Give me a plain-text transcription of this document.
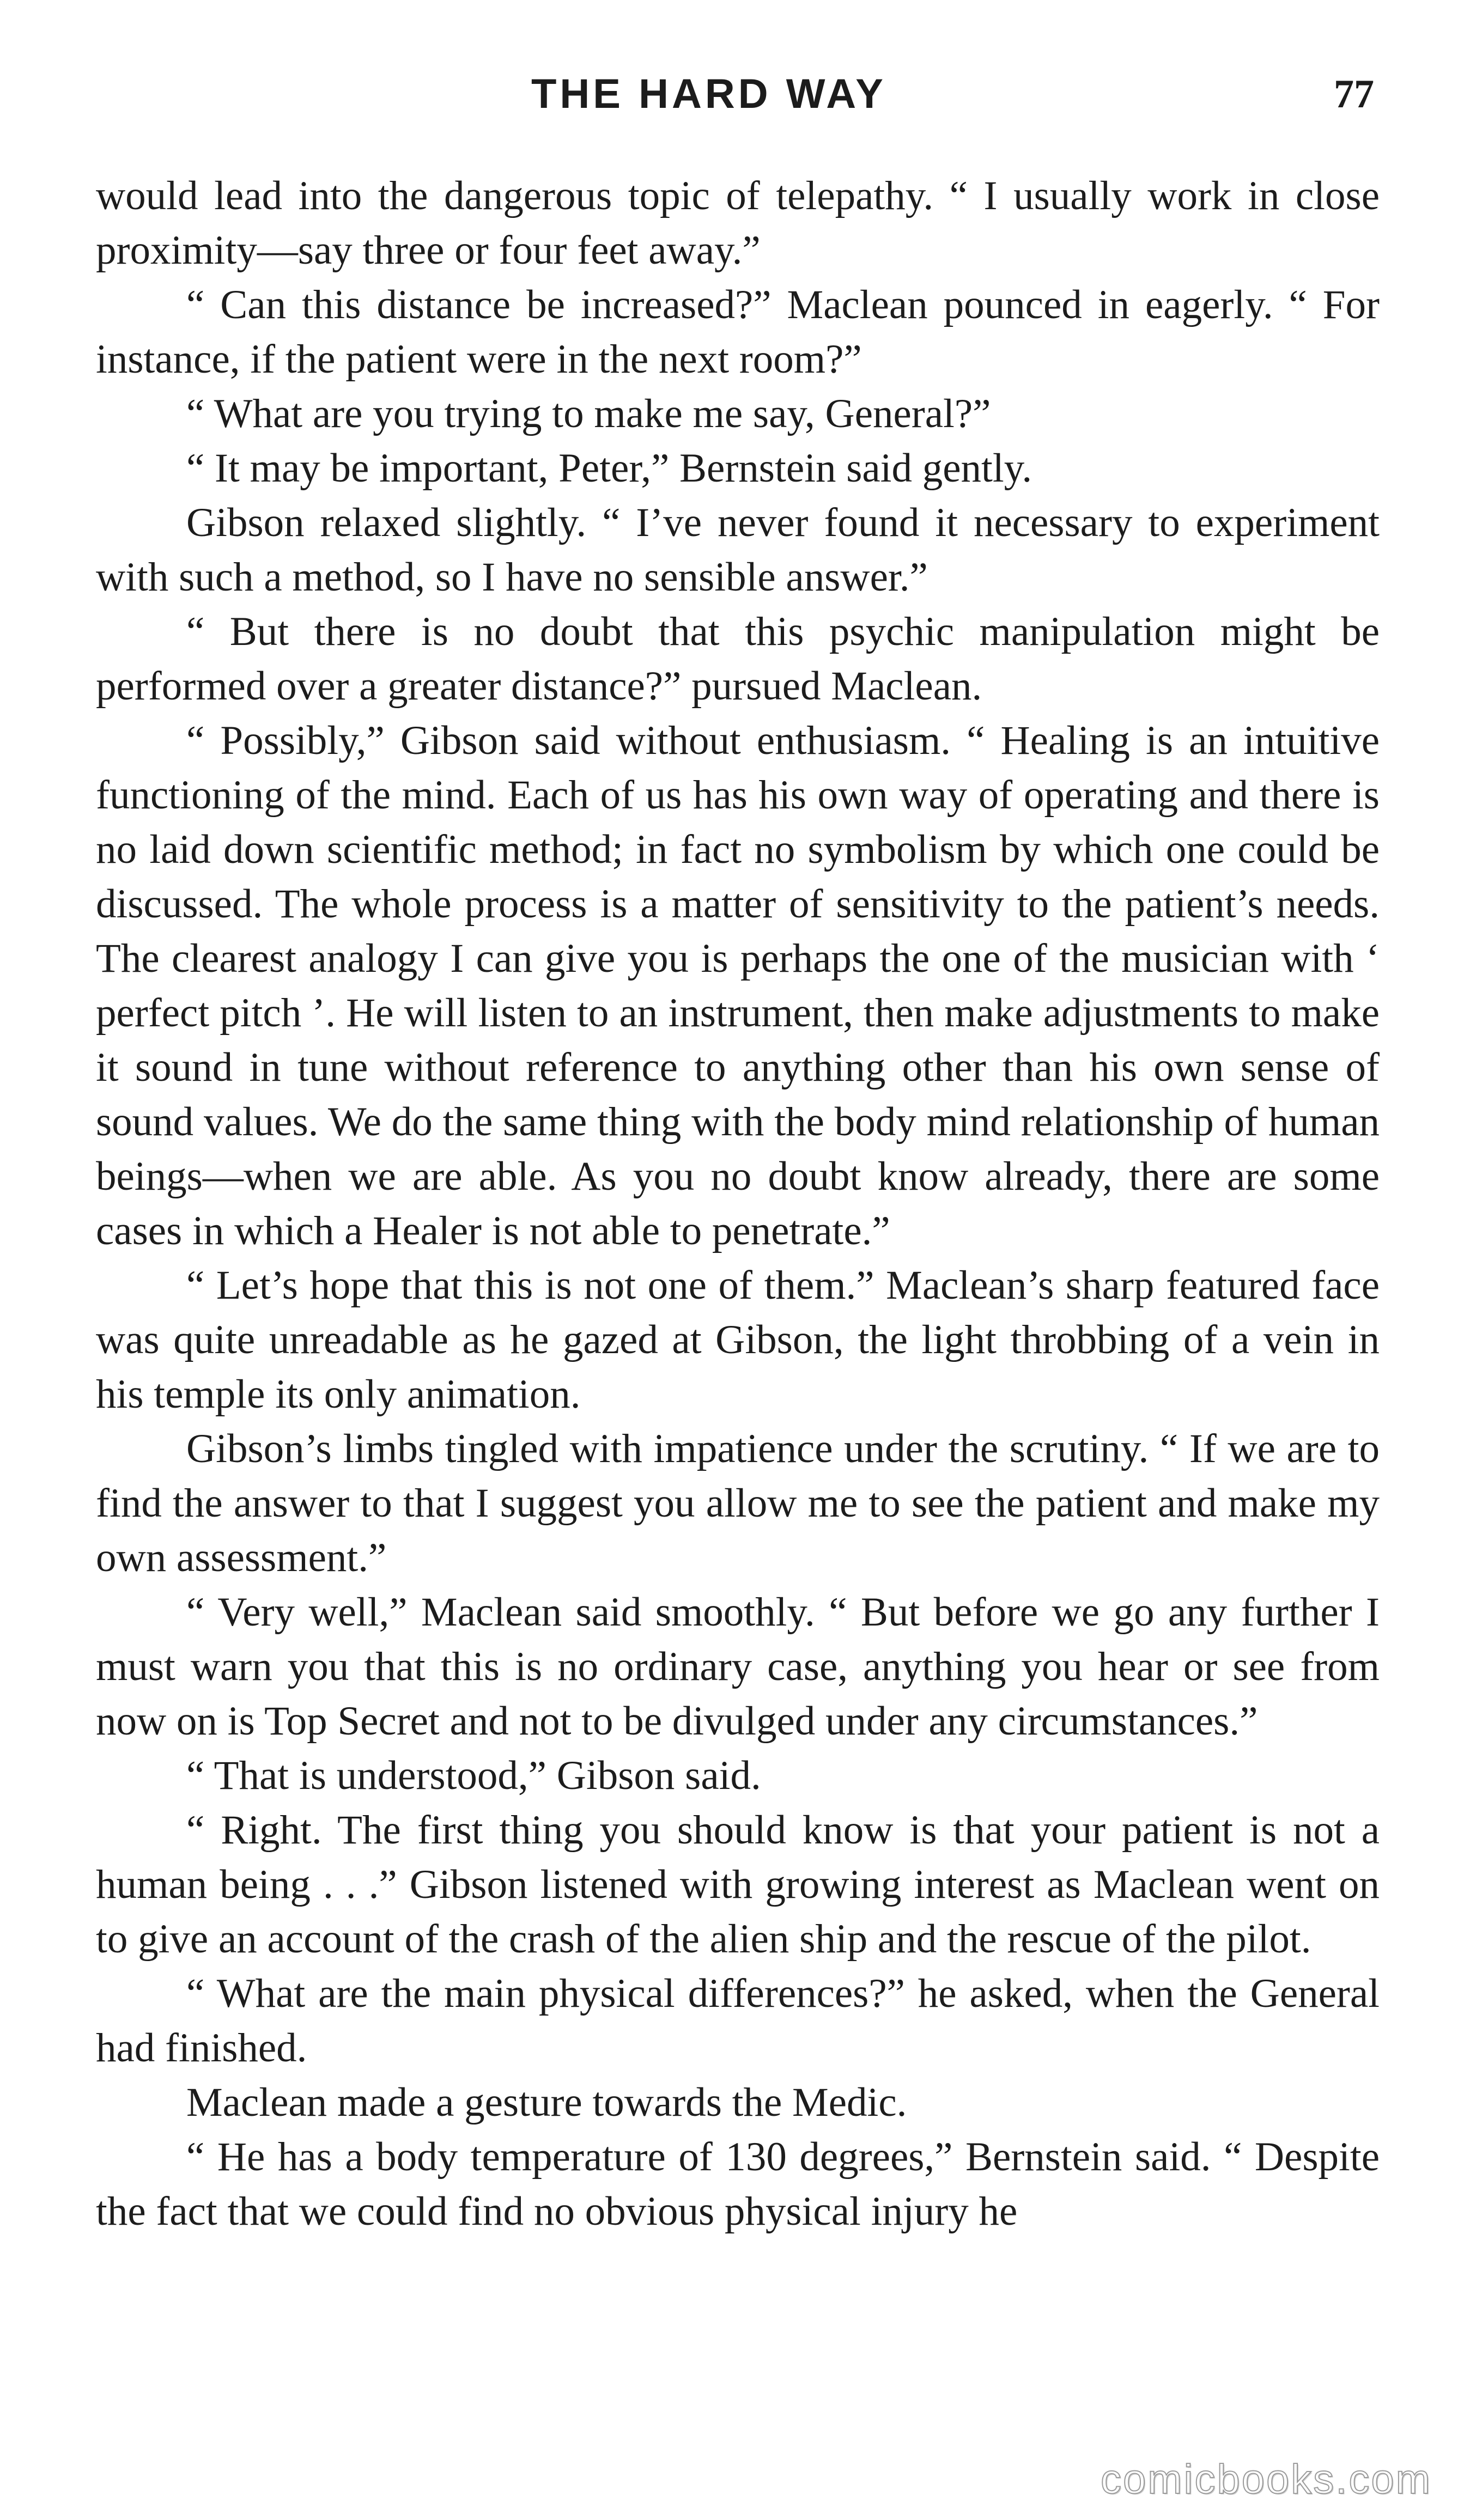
THE HARD WAY	77

would lead into the dangerous topic of telepathy. “ I usually work in close proximity—say three or four feet away.”

“ Can this distance be increased?” Maclean pounced in eagerly. “ For instance, if the patient were in the next room?”

“ What are you trying to make me say, General?”

“ It may be important, Peter,” Bernstein said gently.

Gibson relaxed slightly. “ I’ve never found it necessary to experiment with such a method, so I have no sensible answer.”

“ But there is no doubt that this psychic manipulation might be performed over a greater distance?” pursued Maclean.

“ Possibly,” Gibson said without enthusiasm. “ Healing is an intuitive functioning of the mind. Each of us has his own way of operating and there is no laid down scientific method; in fact no symbolism by which one could be discussed. The whole process is a matter of sensitivity to the patient’s needs. The clearest analogy I can give you is perhaps the one of the musician with ‘ perfect pitch ’. He will listen to an instrument, then make adjustments to make it sound in tune without reference to anything other than his own sense of sound values. We do the same thing with the body mind relationship of human beings—when we are able. As you no doubt know already, there are some cases in which a Healer is not able to penetrate.”

“ Let’s hope that this is not one of them.” Maclean’s sharp featured face was quite unreadable as he gazed at Gibson, the light throbbing of a vein in his temple its only animation.

Gibson’s limbs tingled with impatience under the scrutiny. “ If we are to find the answer to that I suggest you allow me to see the patient and make my own assessment.”

“ Very well,” Maclean said smoothly. “ But before we go any further I must warn you that this is no ordinary case, anything you hear or see from now on is Top Secret and not to be divulged under any circumstances.”

“ That is understood,” Gibson said.

“ Right. The first thing you should know is that your patient is not a human being . . .” Gibson listened with growing interest as Maclean went on to give an account of the crash of the alien ship and the rescue of the pilot.

“ What are the main physical differences?” he asked, when the General had finished.

Maclean made a gesture towards the Medic.

“ He has a body temperature of 130 degrees,” Bernstein said. “ Despite the fact that we could find no obvious physical injury he

comicbooks.com
